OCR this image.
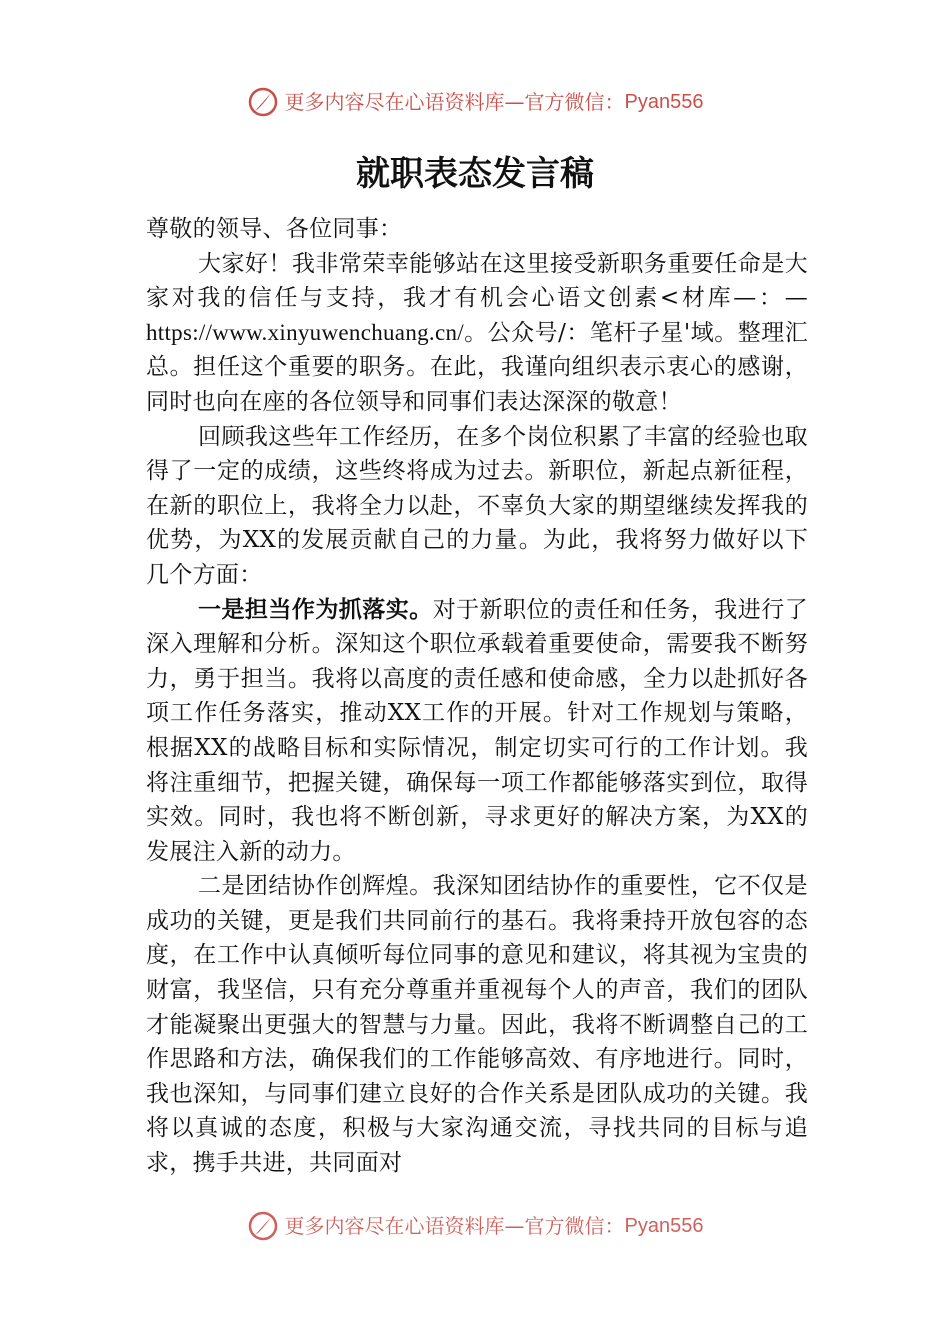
更多内容尽在心语资料库—官方微信：Pyan556
就职表态发言稿

尊敬的领导、各位同事：

大家好！我非常荣幸能够站在这里接受新职务重要任命是大家对我的信任与支持，我才有机会心语文创素<材库—：—https://www.xinyuwenchuang.cn/。公众号/：笔杆子星'域。整理汇总。担任这个重要的职务。在此，我谨向组织表示衷心的感谢，同时也向在座的各位领导和同事们表达深深的敬意！

回顾我这些年工作经历，在多个岗位积累了丰富的经验也取得了一定的成绩，这些终将成为过去。新职位，新起点新征程，在新的职位上，我将全力以赴，不辜负大家的期望继续发挥我的优势，为XX的发展贡献自己的力量。为此，我将努力做好以下几个方面：

一是担当作为抓落实。对于新职位的责任和任务，我进行了深入理解和分析。深知这个职位承载着重要使命，需要我不断努力，勇于担当。我将以高度的责任感和使命感，全力以赴抓好各项工作任务落实，推动XX工作的开展。针对工作规划与策略，根据XX的战略目标和实际情况，制定切实可行的工作计划。我将注重细节，把握关键，确保每一项工作都能够落实到位，取得实效。同时，我也将不断创新，寻求更好的解决方案，为XX的发展注入新的动力。

二是团结协作创辉煌。我深知团结协作的重要性，它不仅是成功的关键，更是我们共同前行的基石。我将秉持开放包容的态度，在工作中认真倾听每位同事的意见和建议，将其视为宝贵的财富，我坚信，只有充分尊重并重视每个人的声音，我们的团队才能凝聚出更强大的智慧与力量。因此，我将不断调整自己的工作思路和方法，确保我们的工作能够高效、有序地进行。同时，我也深知，与同事们建立良好的合作关系是团队成功的关键。我将以真诚的态度，积极与大家沟通交流，寻找共同的目标与追求，携手共进，共同面对

更多内容尽在心语资料库—官方微信：Pyan556
